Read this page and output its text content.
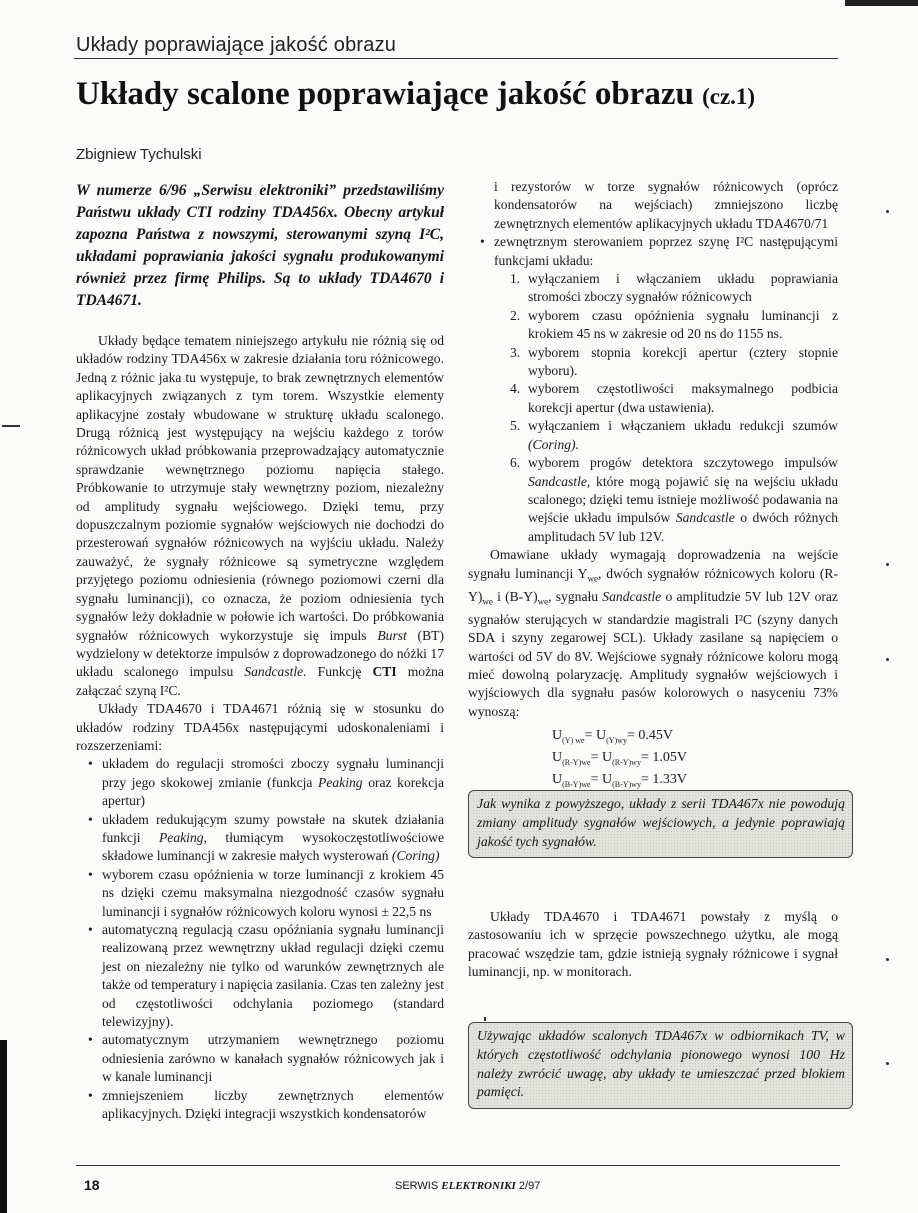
Układy poprawiające jakość obrazu
Układy scalone poprawiające jakość obrazu (cz.1)
Zbigniew Tychulski
W numerze 6/96 „Serwisu elektroniki” przedstawiliśmy Państwu układy CTI rodziny TDA456x. Obecny artykuł zapozna Państwa z nowszymi, sterowanymi szyną I²C, układami poprawiania jakości sygnału produkowanymi również przez firmę Philips. Są to układy TDA4670 i TDA4671.

Układy będące tematem niniejszego artykułu nie różnią się od układów rodziny TDA456x w zakresie działania toru różnicowego. Jedną z różnic jaka tu występuje, to brak zewnętrznych elementów aplikacyjnych związanych z tym torem. Wszystkie elementy aplikacyjne zostały wbudowane w strukturę układu scalonego. Drugą różnicą jest występujący na wejściu każdego z torów różnicowych układ próbkowania przeprowadzający automatycznie sprawdzanie wewnętrznego poziomu napięcia stałego. Próbkowanie to utrzymuje stały wewnętrzny poziom, niezależny od amplitudy sygnału wejściowego. Dzięki temu, przy dopuszczalnym poziomie sygnałów wejściowych nie dochodzi do przesterowań sygnałów różnicowych na wyjściu układu. Należy zauważyć, że sygnały różnicowe są symetryczne względem przyjętego poziomu odniesienia (równego poziomowi czerni dla sygnału luminancji), co oznacza, że poziom odniesienia tych sygnałów leży dokładnie w połowie ich wartości. Do próbkowania sygnałów różnicowych wykorzystuje się impuls Burst (BT) wydzielony w detektorze impulsów z doprowadzonego do nóżki 17 układu scalonego impulsu Sandcastle. Funkcję CTI można załączać szyną I²C.

Układy TDA4670 i TDA4671 różnią się w stosunku do układów rodziny TDA456x następującymi udoskonaleniami i rozszerzeniami:

• układem do regulacji stromości zboczy sygnału luminancji przy jego skokowej zmianie (funkcja Peaking oraz korekcja apertur)
• układem redukującym szumy powstałe na skutek działania funkcji Peaking, tłumiącym wysokoczęstotliwościowe składowe luminancji w zakresie małych wysterowań (Coring)
• wyborem czasu opóźnienia w torze luminancji z krokiem 45 ns dzięki czemu maksymalna niezgodność czasów sygnału luminancji i sygnałów różnicowych koloru wynosi ± 22,5 ns
• automatyczną regulacją czasu opóźniania sygnału luminancji realizowaną przez wewnętrzny układ regulacji dzięki czemu jest on niezależny nie tylko od warunków zewnętrznych ale także od temperatury i napięcia zasilania. Czas ten zależny jest od częstotliwości odchylania poziomego (standard telewizyjny).
• automatycznym utrzymaniem wewnętrznego poziomu odniesienia zarówno w kanałach sygnałów różnicowych jak i w kanale luminancji
• zmniejszeniem liczby zewnętrznych elementów aplikacyjnych. Dzięki integracji wszystkich kondensatorów

i rezystorów w torze sygnałów różnicowych (oprócz kondensatorów na wejściach) zmniejszono liczbę zewnętrznych elementów aplikacyjnych układu TDA4670/71

• zewnętrznym sterowaniem poprzez szynę I²C następującymi funkcjami układu:
1. wyłączaniem i włączaniem układu poprawiania stromości zboczy sygnałów różnicowych
2. wyborem czasu opóźnienia sygnału luminancji z krokiem 45 ns w zakresie od 20 ns do 1155 ns.
3. wyborem stopnia korekcji apertur (cztery stopnie wyboru).
4. wyborem częstotliwości maksymalnego podbicia korekcji apertur (dwa ustawienia).
5. wyłączaniem i włączaniem układu redukcji szumów (Coring).
6. wyborem progów detektora szczytowego impulsów Sandcastle, które mogą pojawić się na wejściu układu scalonego; dzięki temu istnieje możliwość podawania na wejście układu impulsów Sandcastle o dwóch różnych amplitudach 5V lub 12V.

Omawiane układy wymagają doprowadzenia na wejście sygnału luminancji $Y_{we}$, dwóch sygnałów różnicowych koloru $(R-Y)_{we}$ i $(B-Y)_{we}$, sygnału Sandcastle o amplitudzie 5V lub 12V oraz sygnałów sterujących w standardzie magistrali I²C (szyny danych SDA i szyny zegarowej SCL). Układy zasilane są napięciem o wartości od 5V do 8V. Wejściowe sygnały różnicowe koloru mogą mieć dowolną polaryzację. Amplitudy sygnałów wejściowych i wyjściowych dla sygnału pasów kolorowych o nasyceniu 73% wynoszą:

$U_{(Y) we}= U_{(Y)wy}= 0.45V$
$U_{(R-Y)we}= U_{(R-Y)wy}= 1.05V$
$U_{(B-Y)we}= U_{(B-Y)wy}= 1.33V$
Jak wynika z powyższego, układy z serii TDA467x nie powodują zmiany amplitudy sygnałów wejściowych, a jedynie poprawiają jakość tych sygnałów.

Układy TDA4670 i TDA4671 powstały z myślą o zastosowaniu ich w sprzęcie powszechnego użytku, ale mogą pracować wszędzie tam, gdzie istnieją sygnały różnicowe i sygnał luminancji, np. w monitorach.

Używając układów scalonych TDA467x w odbiornikach TV, w których częstotliwość odchylania pionowego wynosi 100 Hz należy zwrócić uwagę, aby układy te umieszczać przed blokiem pamięci.
18	SERWIS ELEKTRONIKI 2/97
